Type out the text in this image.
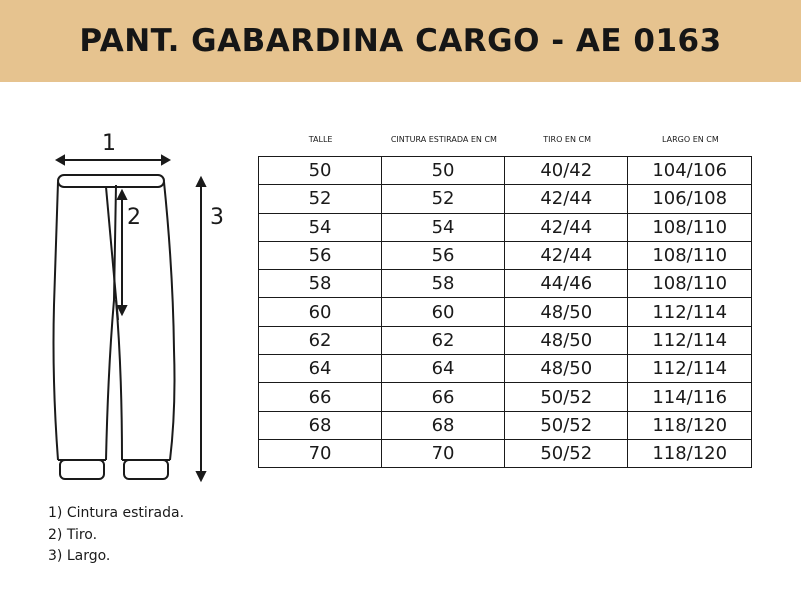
PANT. GABARDINA CARGO - AE 0163
1
2	3
TALLE	CINTURA ESTIRADA EN CM	TIRO EN CM	LARGO EN CM
50	50	40/42	104/106
52	52	42/44	106/108
54	54	42/44	108/110
56	56	42/44	108/110
58	58	44/46	108/110
60	60	48/50	112/114
62	62	48/50	112/114
64	64	48/50	112/114
66	66	50/52	114/116
68	68	50/52	118/120
70	70	50/52	118/120
1) Cintura estirada.
2) Tiro.
3) Largo.
